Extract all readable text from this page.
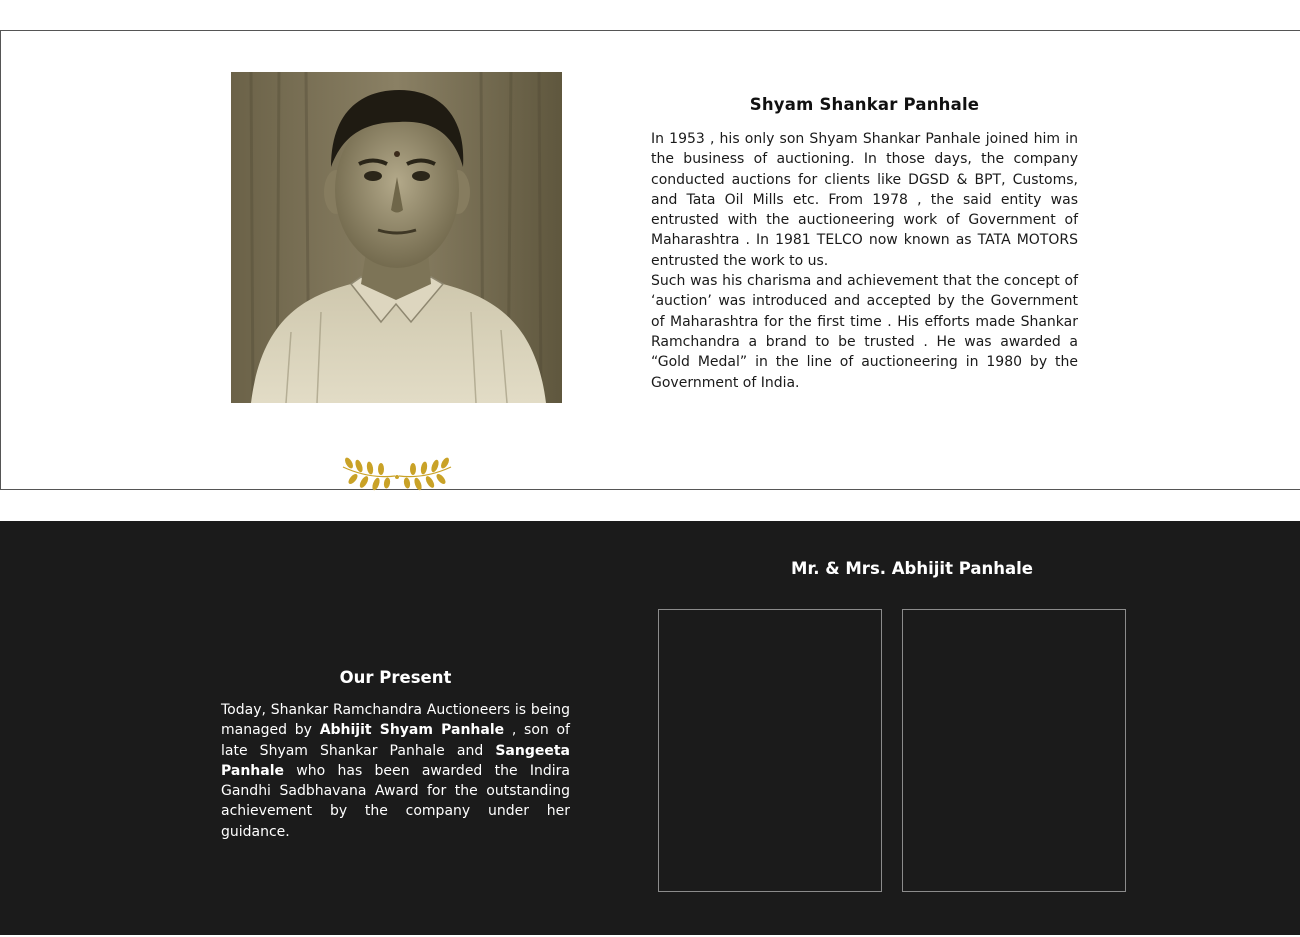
Shyam Shankar Panhale

In 1953 , his only son Shyam Shankar Panhale joined him in the business of auctioning. In those days, the company conducted auctions for clients like DGSD & BPT, Customs, and Tata Oil Mills etc. From 1978 , the said entity was entrusted with the auctioneering work of Government of Maharashtra . In 1981 TELCO now known as TATA MOTORS entrusted the work to us.

Such was his charisma and achievement that the concept of ‘auction’ was introduced and accepted by the Government of Maharashtra for the first time . His efforts made Shankar Ramchandra a brand to be trusted . He was awarded a “Gold Medal” in the line of auctioneering in 1980 by the Government of India.

Our Present

Today, Shankar Ramchandra Auctioneers is being managed by Abhijit Shyam Panhale , son of late Shyam Shankar Panhale and Sangeeta Panhale who has been awarded the Indira Gandhi Sadbhavana Award for the outstanding achievement by the company under her guidance.

Mr. & Mrs. Abhijit Panhale
